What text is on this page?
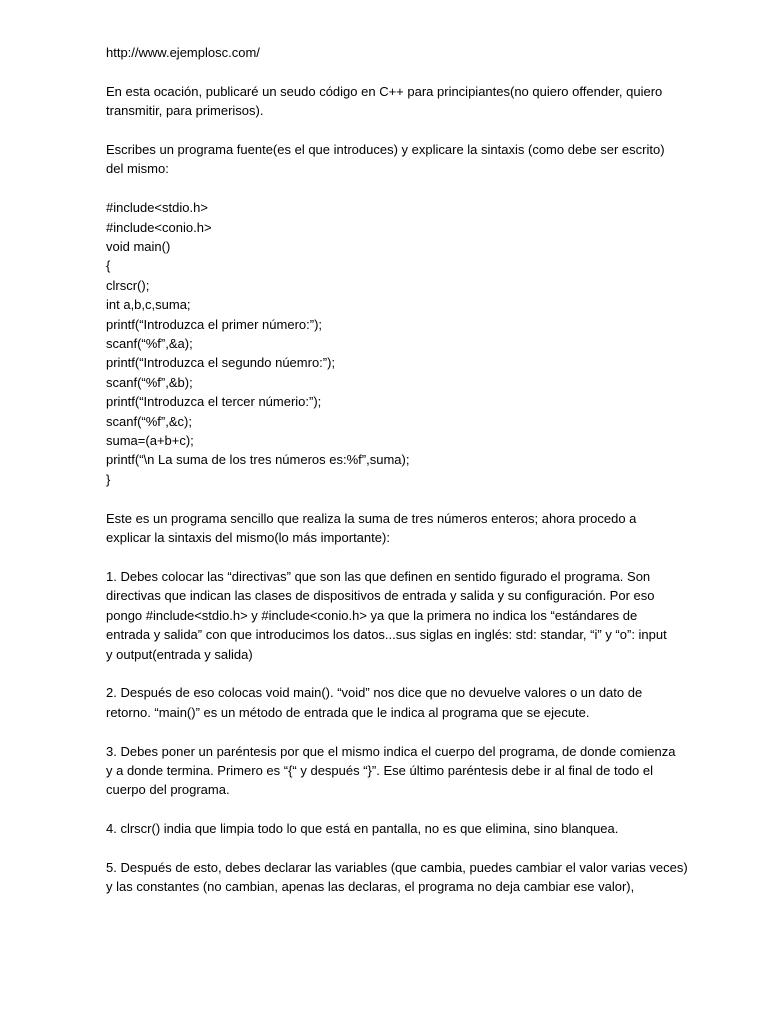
http://www.ejemplosc.com/
En esta ocación, publicaré un seudo código en C++ para principiantes(no quiero offender, quiero
transmitir, para primerisos).
Escribes un programa fuente(es el que introduces) y explicare la sintaxis (como debe ser escrito)
del mismo:
#include<stdio.h>
#include<conio.h>
void main()
{
clrscr();
int a,b,c,suma;
printf(“Introduzca el primer número:”);
scanf(“%f”,&a);
printf(“Introduzca el segundo núemro:”);
scanf(“%f”,&b);
printf(“Introduzca el tercer númerio:”);
scanf(“%f”,&c);
suma=(a+b+c);
printf(“\n La suma de los tres números es:%f”,suma);
}
Este es un programa sencillo que realiza la suma de tres números enteros; ahora procedo a
explicar la sintaxis del mismo(lo más importante):
1. Debes colocar las “directivas” que son las que definen en sentido figurado el programa. Son
directivas que indican las clases de dispositivos de entrada y salida y su configuración. Por eso
pongo #include<stdio.h> y #include<conio.h> ya que la primera no indica los “estándares de
entrada y salida” con que introducimos los datos...sus siglas en inglés: std: standar, “i” y “o”: input
y output(entrada y salida)
2. Después de eso colocas void main(). “void” nos dice que no devuelve valores o un dato de
retorno. “main()” es un método de entrada que le indica al programa que se ejecute.
3. Debes poner un paréntesis por que el mismo indica el cuerpo del programa, de donde comienza
y a donde termina. Primero es “{“ y después “}”. Ese último paréntesis debe ir al final de todo el
cuerpo del programa.
4. clrscr() india que limpia todo lo que está en pantalla, no es que elimina, sino blanquea.
5. Después de esto, debes declarar las variables (que cambia, puedes cambiar el valor varias veces)
y las constantes (no cambian, apenas las declaras, el programa no deja cambiar ese valor),
